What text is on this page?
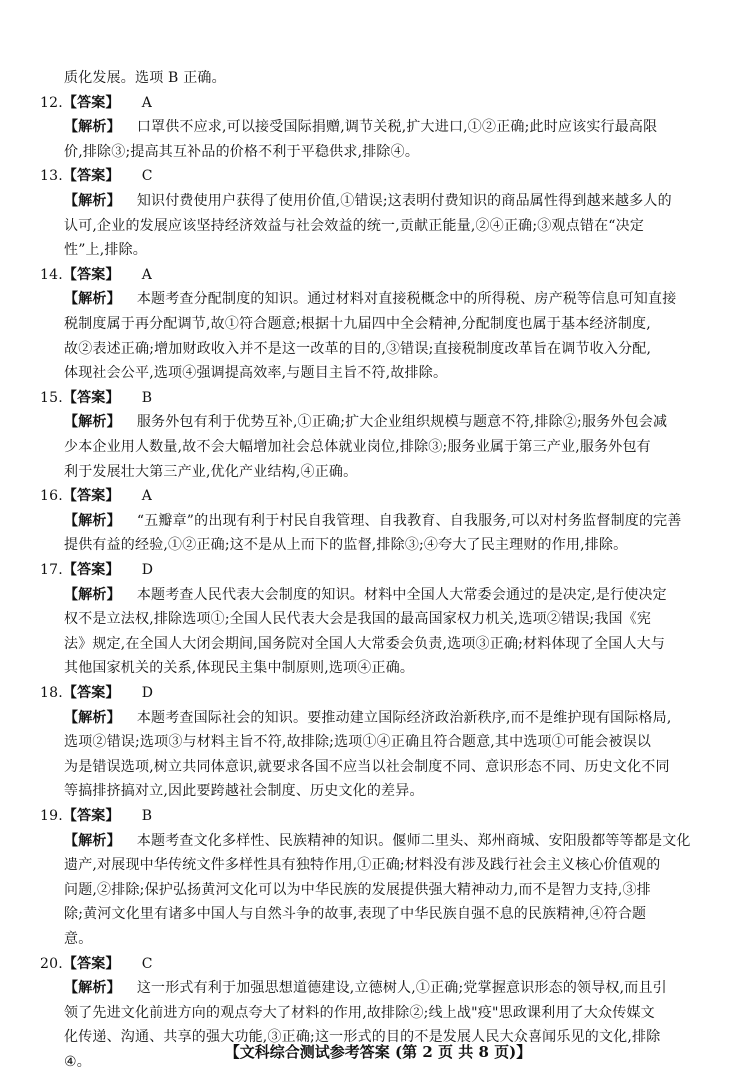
质化发展。选项 B 正确。
12.【答案】 A
【解析】 口罩供不应求,可以接受国际捐赠,调节关税,扩大进口,①②正确;此时应该实行最高限
价,排除③;提高其互补品的价格不利于平稳供求,排除④。
13.【答案】 C
【解析】 知识付费使用户获得了使用价值,①错误;这表明付费知识的商品属性得到越来越多人的
认可,企业的发展应该坚持经济效益与社会效益的统一,贡献正能量,②④正确;③观点错在“决定
性”上,排除。
14.【答案】 A
【解析】 本题考查分配制度的知识。通过材料对直接税概念中的所得税、房产税等信息可知直接
税制度属于再分配调节,故①符合题意;根据十九届四中全会精神,分配制度也属于基本经济制度,
故②表述正确;增加财政收入并不是这一改革的目的,③错误;直接税制度改革旨在调节收入分配,
体现社会公平,选项④强调提高效率,与题目主旨不符,故排除。
15.【答案】 B
【解析】 服务外包有利于优势互补,①正确;扩大企业组织规模与题意不符,排除②;服务外包会减
少本企业用人数量,故不会大幅增加社会总体就业岗位,排除③;服务业属于第三产业,服务外包有
利于发展壮大第三产业,优化产业结构,④正确。
16.【答案】 A
【解析】 “五瓣章”的出现有利于村民自我管理、自我教育、自我服务,可以对村务监督制度的完善
提供有益的经验,①②正确;这不是从上而下的监督,排除③;④夸大了民主理财的作用,排除。
17.【答案】 D
【解析】 本题考查人民代表大会制度的知识。材料中全国人大常委会通过的是决定,是行使决定
权不是立法权,排除选项①;全国人民代表大会是我国的最高国家权力机关,选项②错误;我国《宪
法》规定,在全国人大闭会期间,国务院对全国人大常委会负责,选项③正确;材料体现了全国人大与
其他国家机关的关系,体现民主集中制原则,选项④正确。
18.【答案】 D
【解析】 本题考查国际社会的知识。要推动建立国际经济政治新秩序,而不是维护现有国际格局,
选项②错误;选项③与材料主旨不符,故排除;选项①④正确且符合题意,其中选项①可能会被误以
为是错误选项,树立共同体意识,就要求各国不应当以社会制度不同、意识形态不同、历史文化不同
等搞排挤搞对立,因此要跨越社会制度、历史文化的差异。
19.【答案】 B
【解析】 本题考查文化多样性、民族精神的知识。偃师二里头、郑州商城、安阳殷都等等都是文化
遗产,对展现中华传统文件多样性具有独特作用,①正确;材料没有涉及践行社会主义核心价值观的
问题,②排除;保护弘扬黄河文化可以为中华民族的发展提供强大精神动力,而不是智力支持,③排
除;黄河文化里有诸多中国人与自然斗争的故事,表现了中华民族自强不息的民族精神,④符合题
意。
20.【答案】 C
【解析】 这一形式有利于加强思想道德建设,立德树人,①正确;党掌握意识形态的领导权,而且引
领了先进文化前进方向的观点夸大了材料的作用,故排除②;线上战"疫"思政课利用了大众传媒文
化传递、沟通、共享的强大功能,③正确;这一形式的目的不是发展人民大众喜闻乐见的文化,排除
④。
【文科综合测试参考答案 (第 2 页 共 8 页)】
